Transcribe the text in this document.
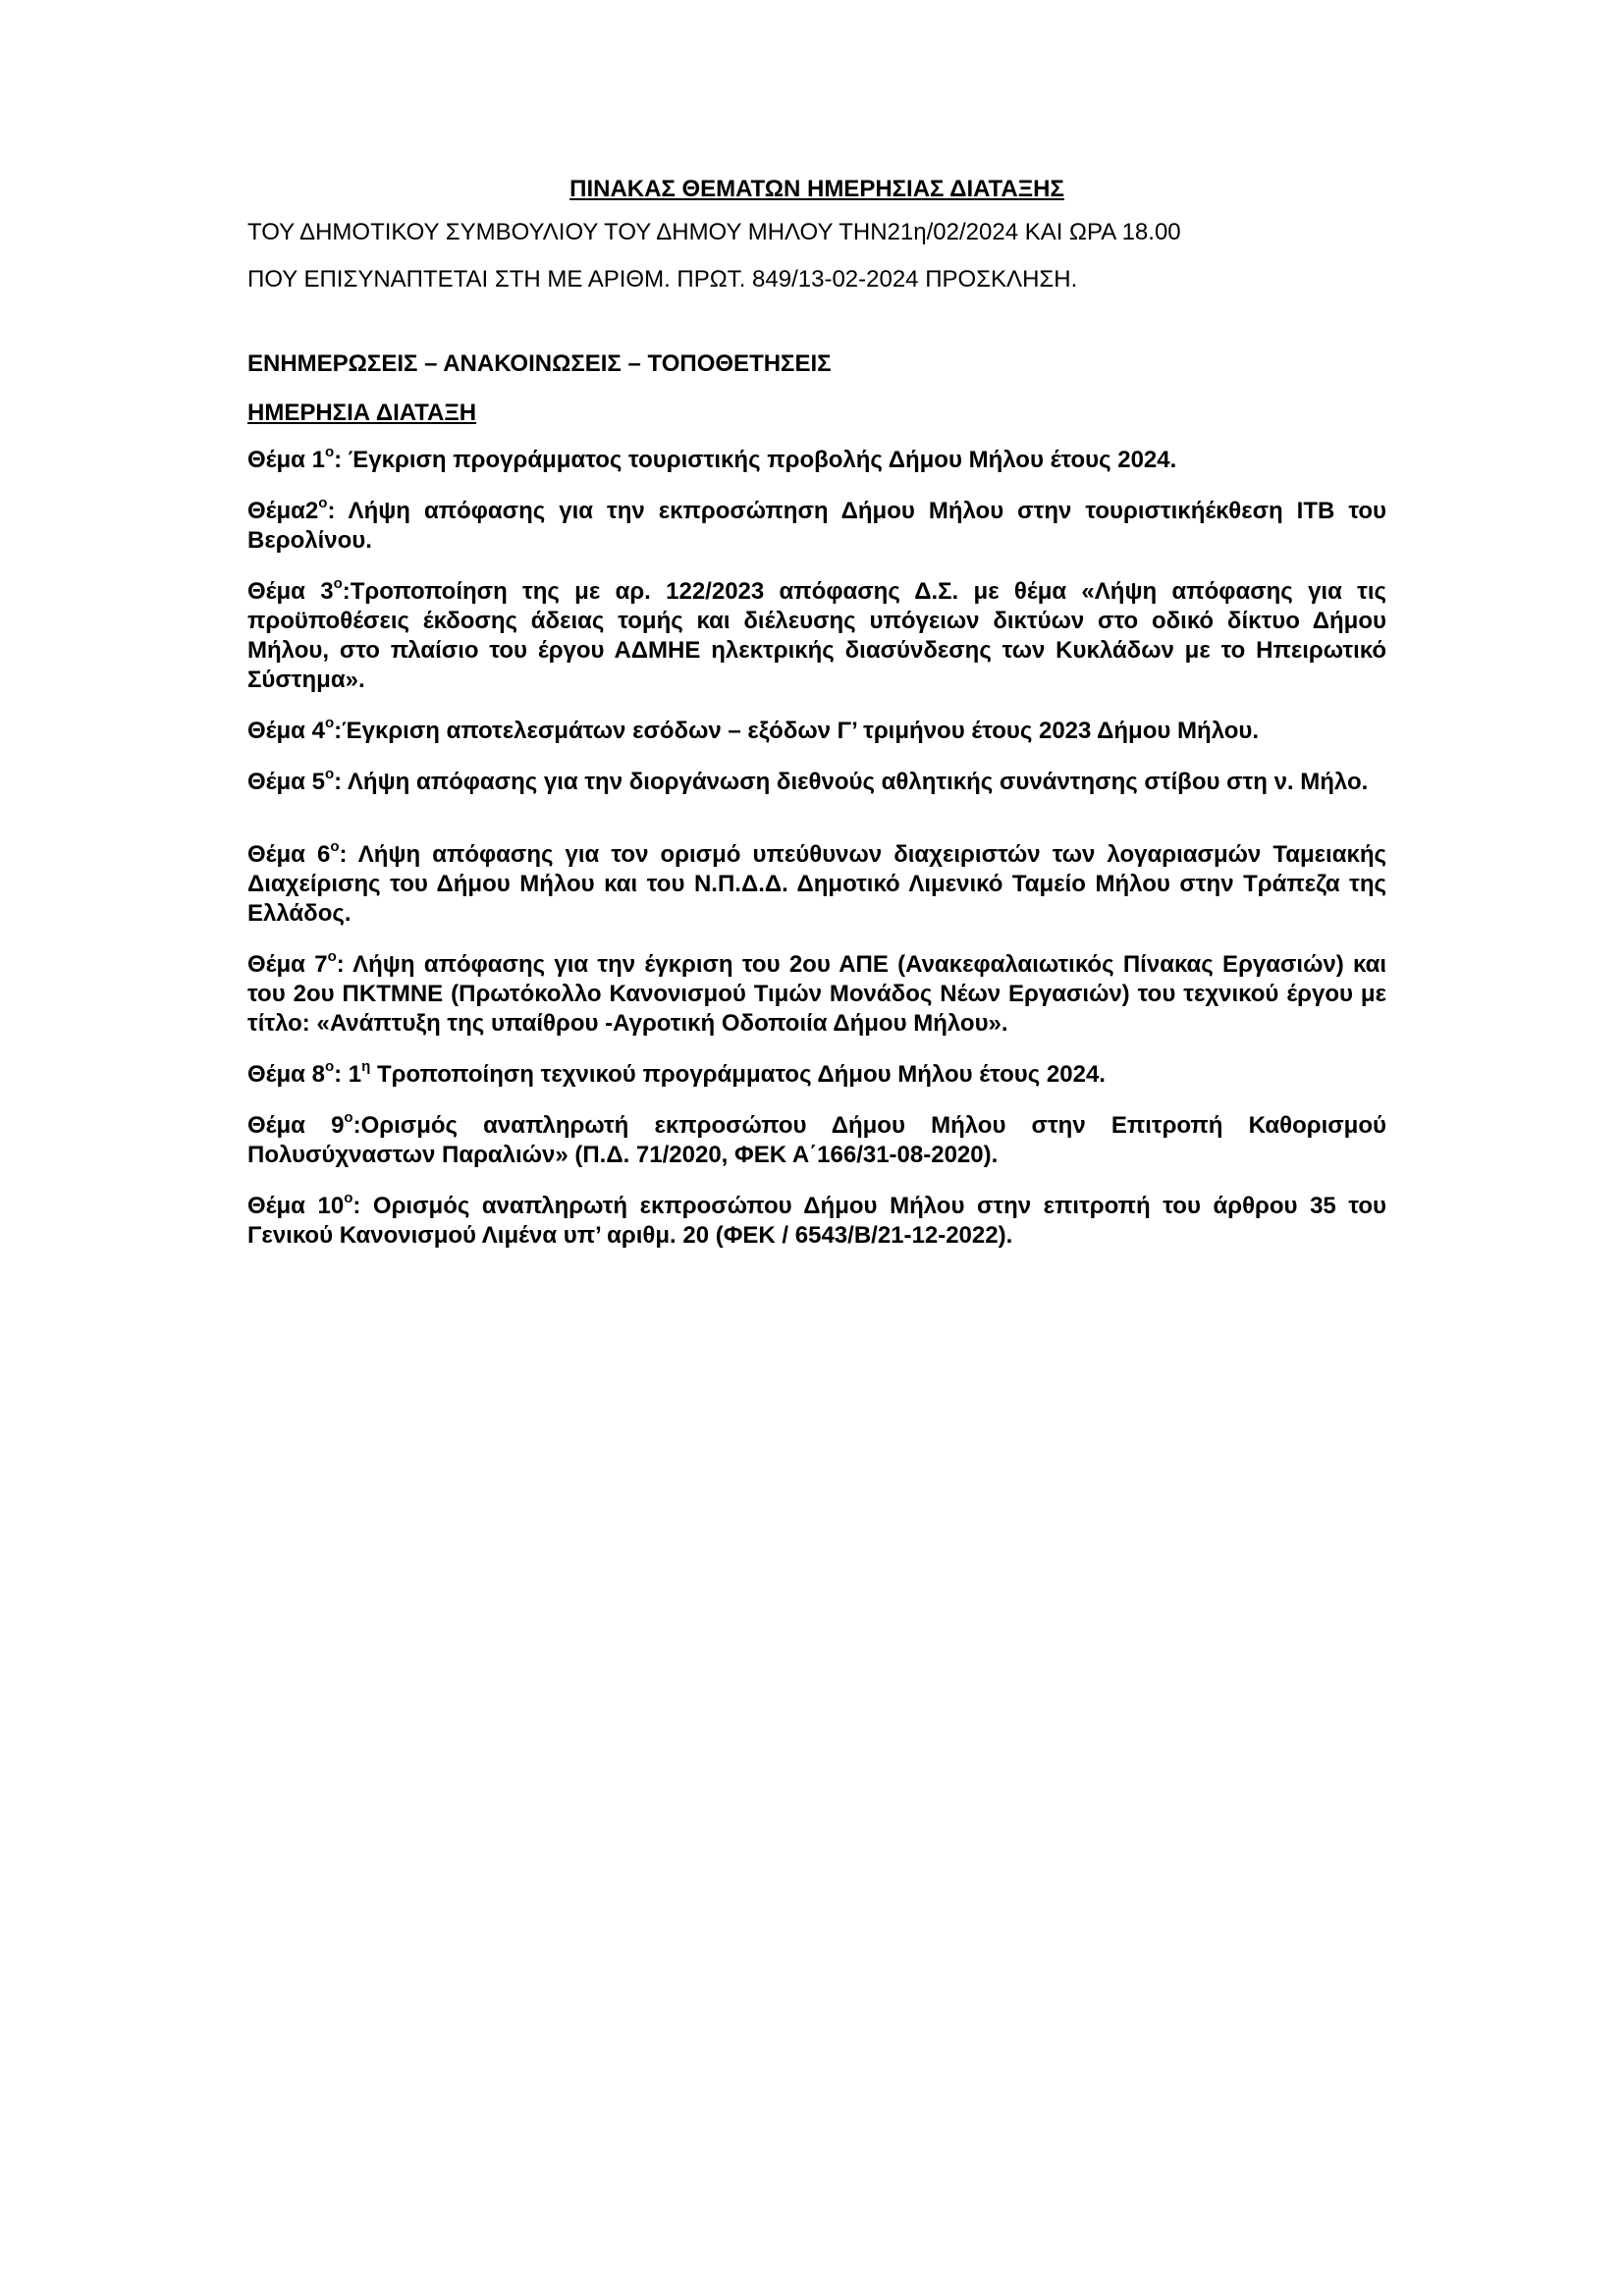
ΠΙΝΑΚΑΣ ΘΕΜΑΤΩΝ ΗΜΕΡΗΣΙΑΣ ΔΙΑΤΑΞΗΣ

ΤΟΥ ΔΗΜΟΤΙΚΟΥ ΣΥΜΒΟΥΛΙΟΥ ΤΟΥ ΔΗΜΟΥ ΜΗΛΟΥ ΤΗΝ21η/02/2024 ΚΑΙ ΩΡΑ 18.00

ΠΟΥ ΕΠΙΣΥΝΑΠΤΕΤΑΙ ΣΤΗ ΜΕ ΑΡΙΘΜ. ΠΡΩΤ. 849/13-02-2024 ΠΡΟΣΚΛΗΣΗ.

ΕΝΗΜΕΡΩΣΕΙΣ – ΑΝΑΚΟΙΝΩΣΕΙΣ – ΤΟΠΟΘΕΤΗΣΕΙΣ

ΗΜΕΡΗΣΙΑ ΔΙΑΤΑΞΗ

Θέμα $1^o$: Έγκριση προγράμματος τουριστικής προβολής Δήμου Μήλου έτους 2024.

$\Theta έ\mu\alpha 2^o$: Λήψη απόφασης για την εκπροσώπηση Δήμου Μήλου στην τουριστικήέκθεση ΙΤΒ του Βερολίνου.

Θέμα $3^o:T\rho o\pi o\pi oί\eta\sigma\eta$ της με αρ. 122/2023 απόφασης Δ.Σ. με θέμα «Λήψη απόφασης για τις προϋποθέσεις έκδοσης άδειας τομής και διέλευσης υπόγειων δικτύων στο οδικό δίκτυο Δήμου Μήλου, στο πλαίσιο του έργου ΑΔΜΗΕ ηλεκτρικής διασύνδεσης των Κυκλάδων με το Ηπειρωτικό Σύστημα».

Θέμα $4^o:Έ\gamma\kappa\rho\iota\sigma\eta$ αποτελεσμάτων εσόδων – εξόδων Γ’ τριμήνου έτους 2023 Δήμου Μήλου.

Θέμα $5^o$: Λήψη απόφασης για την διοργάνωση διεθνούς αθλητικής συνάντησης στίβου στη ν. Μήλο.

Θέμα $6^o$: Λήψη απόφασης για τον ορισμό υπεύθυνων διαχειριστών των λογαριασμών Ταμειακής Διαχείρισης του Δήμου Μήλου και του Ν.Π.Δ.Δ. Δημοτικό Λιμενικό Ταμείο Μήλου στην Τράπεζα της Ελλάδος.

Θέμα $7^o$: Λήψη απόφασης για την έγκριση του 2ου ΑΠΕ (Ανακεφαλαιωτικός Πίνακας Εργασιών) και του 2ου ΠΚΤΜΝΕ (Πρωτόκολλο Κανονισμού Τιμών Μονάδος Νέων Εργασιών) του τεχνικού έργου με τίτλο: «Ανάπτυξη της υπαίθρου -Αγροτική Οδοποιία Δήμου Μήλου».

Θέμα $8^o$: $1^\eta$ Τροποποίηση τεχνικού προγράμματος Δήμου Μήλου έτους 2024.

Θέμα $9^o:O\rho\iota\sigma\mu ό\varsigma$ αναπληρωτή εκπροσώπου Δήμου Μήλου στην Επιτροπή Καθορισμού Πολυσύχναστων Παραλιών» (Π.Δ. 71/2020, ΦΕΚ Α΄166/31-08-2020).

Θέμα $10^o$: Ορισμός αναπληρωτή εκπροσώπου Δήμου Μήλου στην επιτροπή του άρθρου 35 του Γενικού Κανονισμού Λιμένα υπ’ αριθμ. 20 (ΦΕΚ / 6543/Β/21-12-2022).
